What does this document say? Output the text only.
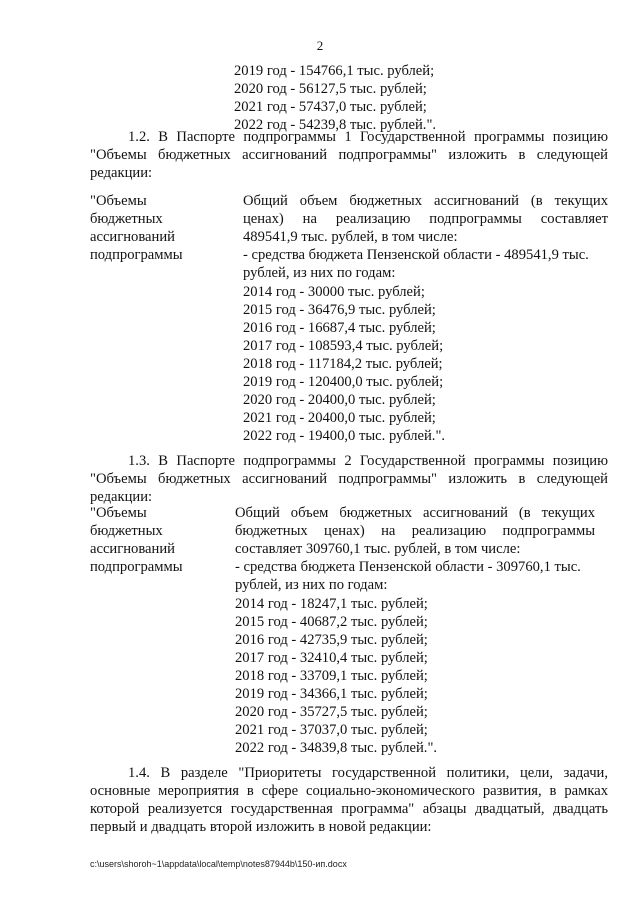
2
2019 год - 154766,1 тыс. рублей;
2020 год - 56127,5 тыс. рублей;
2021 год - 57437,0 тыс. рублей;
2022 год - 54239,8 тыс. рублей.".
1.2. В Паспорте подпрограммы 1 Государственной программы позицию
"Объемы бюджетных ассигнований подпрограммы" изложить в следующей
редакции:
"Объемы
бюджетных
ассигнований
подпрограммы
Общий объем бюджетных ассигнований (в текущих
ценах) на реализацию подпрограммы составляет
489541,9 тыс. рублей, в том числе:
- средства бюджета Пензенской области - 489541,9 тыс.
рублей, из них по годам:
2014 год - 30000 тыс. рублей;
2015 год - 36476,9 тыс. рублей;
2016 год - 16687,4 тыс. рублей;
2017 год - 108593,4 тыс. рублей;
2018 год - 117184,2 тыс. рублей;
2019 год - 120400,0 тыс. рублей;
2020 год - 20400,0 тыс. рублей;
2021 год - 20400,0 тыс. рублей;
2022 год - 19400,0 тыс. рублей.".
1.3. В Паспорте подпрограммы 2 Государственной программы позицию
"Объемы бюджетных ассигнований подпрограммы" изложить в следующей
редакции:
"Объемы
бюджетных
ассигнований
подпрограммы
Общий объем бюджетных ассигнований (в текущих
бюджетных ценах) на реализацию подпрограммы
составляет 309760,1 тыс. рублей, в том числе:
- средства бюджета Пензенской области - 309760,1 тыс.
рублей, из них по годам:
2014 год - 18247,1 тыс. рублей;
2015 год - 40687,2 тыс. рублей;
2016 год - 42735,9 тыс. рублей;
2017 год - 32410,4 тыс. рублей;
2018 год - 33709,1 тыс. рублей;
2019 год - 34366,1 тыс. рублей;
2020 год - 35727,5 тыс. рублей;
2021 год - 37037,0 тыс. рублей;
2022 год - 34839,8 тыс. рублей.".
1.4. В разделе "Приоритеты государственной политики, цели, задачи,
основные мероприятия в сфере социально-экономического развития, в рамках
которой реализуется государственная программа" абзацы двадцатый, двадцать
первый и двадцать второй изложить в новой редакции:
c:\users\shoroh~1\appdata\local\temp\notes87944b\150-ип.docx
